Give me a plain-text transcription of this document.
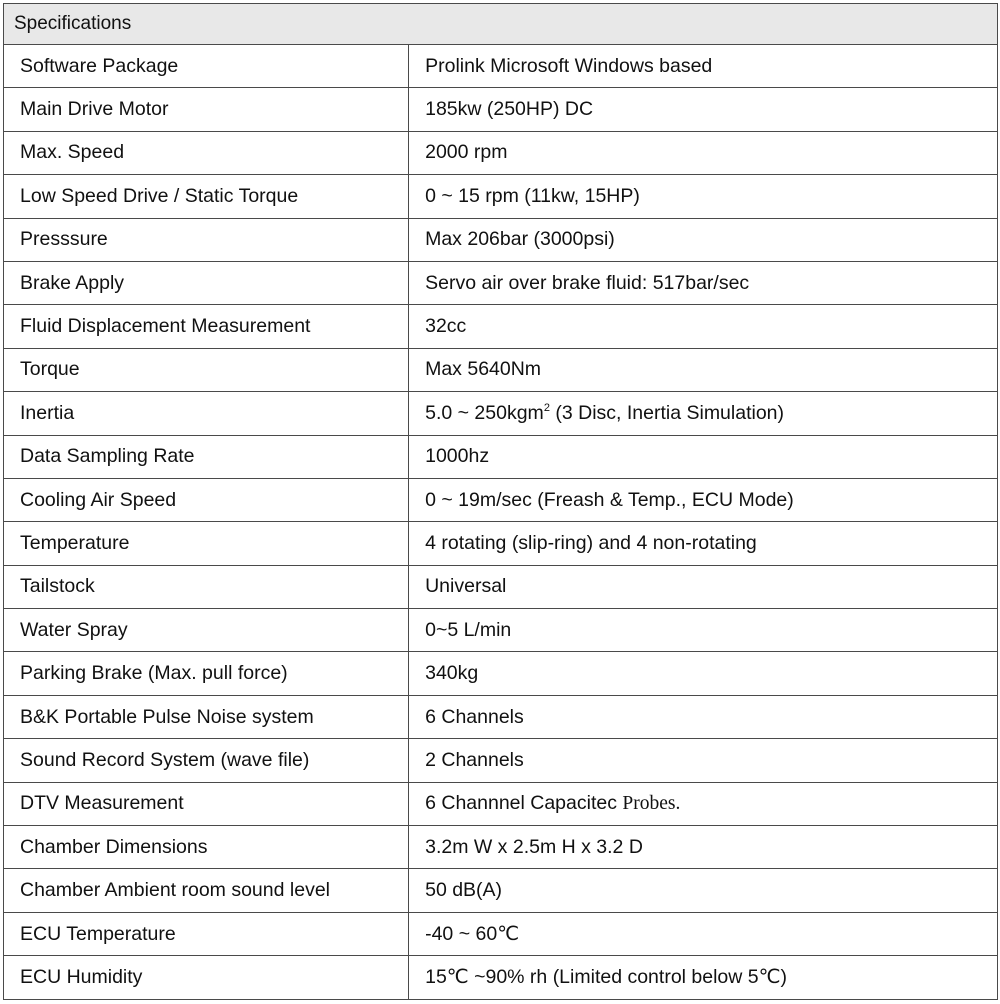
Specifications	
Software Package	Prolink Microsoft Windows based
Main Drive Motor	185kw (250HP) DC
Max. Speed	2000 rpm
Low Speed Drive / Static Torque	0 ~ 15 rpm (11kw, 15HP)
Presssure	Max 206bar (3000psi)
Brake Apply	Servo air over brake fluid: 517bar/sec
Fluid Displacement Measurement	32cc
Torque	Max 5640Nm
Inertia	5.0 ~ 250kgm$^2$ (3 Disc, Inertia Simulation)
Data Sampling Rate	1000hz
Cooling Air Speed	0 ~ 19m/sec (Freash & Temp., ECU Mode)
Temperature	4 rotating (slip-ring) and 4 non-rotating
Tailstock	Universal
Water Spray	0~5 L/min
Parking Brake (Max. pull force)	340kg
B&K Portable Pulse Noise system	6 Channels
Sound Record System (wave file)	2 Channels
DTV Measurement	6 Channnel Capacitec Probes.
Chamber Dimensions	3.2m W x 2.5m H x 3.2 D
Chamber Ambient room sound level	50 dB(A)
ECU Temperature	-40 ~ 60℃
ECU Humidity	15℃ ~90% rh (Limited control below 5℃)
